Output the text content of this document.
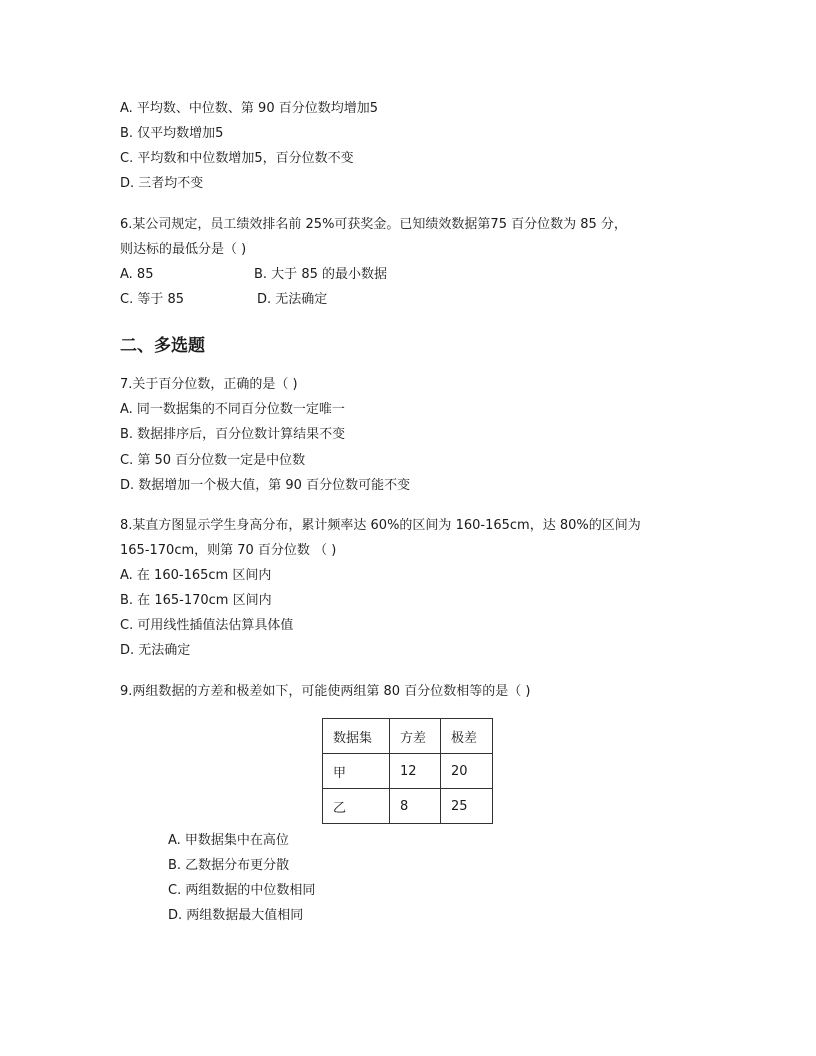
A. 平均数、中位数、第 90 百分位数均增加5
B. 仅平均数增加5
C. 平均数和中位数增加5，百分位数不变
D. 三者均不变
6.某公司规定，员工绩效排名前 25%可获奖金。已知绩效数据第75 百分位数为 85 分，
则达标的最低分是（ )
A. 85	B. 大于 85 的最小数据
C. 等于 85	D. 无法确定
二、多选题
7.关于百分位数，正确的是（ )
A. 同一数据集的不同百分位数一定唯一
B. 数据排序后，百分位数计算结果不变
C. 第 50 百分位数一定是中位数
D. 数据增加一个极大值，第 90 百分位数可能不变
8.某直方图显示学生身高分布，累计频率达 60%的区间为 160-165cm，达 80%的区间为
165-170cm，则第 70 百分位数 （ )
A. 在 160-165cm 区间内
B. 在 165-170cm 区间内
C. 可用线性插值法估算具体值
D. 无法确定
9.两组数据的方差和极差如下，可能使两组第 80 百分位数相等的是（ )
数据集	方差	极差
甲	12	20
乙	8	25
A. 甲数据集中在高位
B. 乙数据分布更分散
C. 两组数据的中位数相同
D. 两组数据最大值相同
